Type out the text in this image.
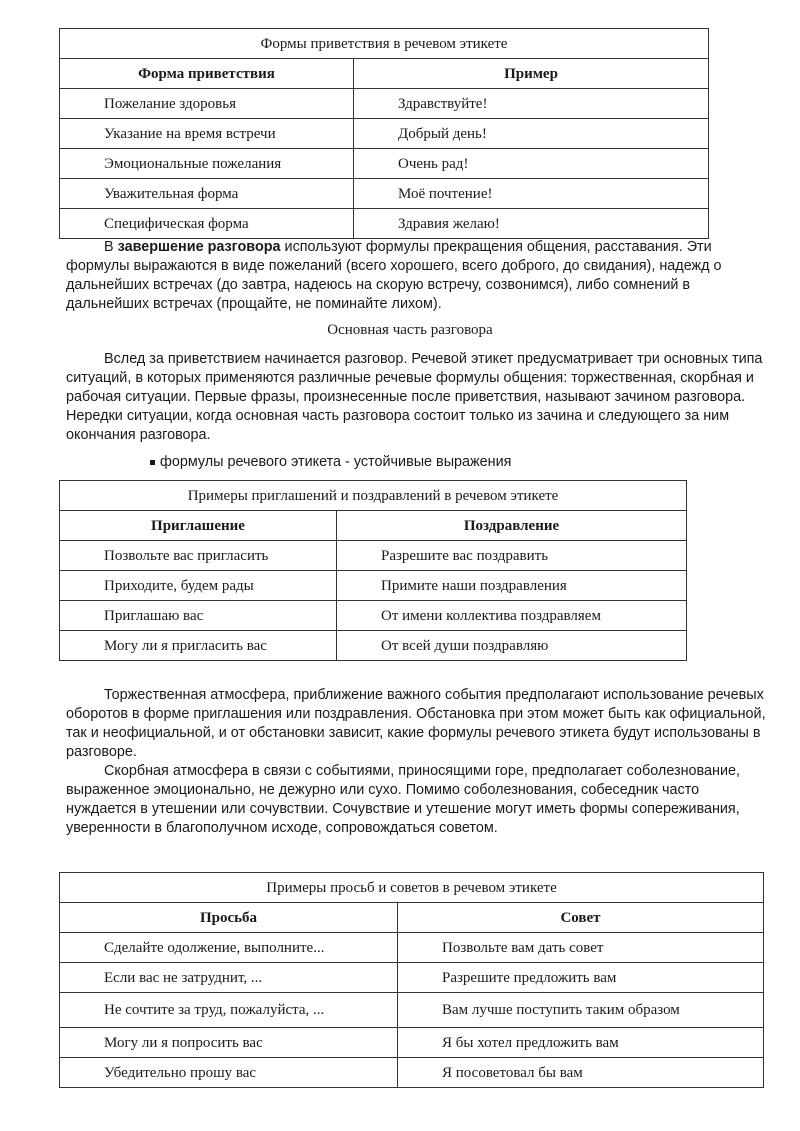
Формы приветствия в речевом этикете	
Форма приветствия	Пример
Пожелание здоровья	Здравствуйте!
Указание на время встречи	Добрый день!
Эмоциональные пожелания	Очень рад!
Уважительная форма	Моё почтение!
Специфическая форма	Здравия желаю!

В завершение разговора используют формулы прекращения общения, расставания. Эти формулы выражаются в виде пожеланий (всего хорошего, всего доброго, до свидания), надежд о дальнейших встречах (до завтра, надеюсь на скорую встречу, созвонимся), либо сомнений в дальнейших встречах (прощайте, не поминайте лихом).

Основная часть разговора

Вслед за приветствием начинается разговор. Речевой этикет предусматривает три основных типа ситуаций, в которых применяются различные речевые формулы общения: торжественная, скорбная и рабочая ситуации. Первые фразы, произнесенные после приветствия, называют зачином разговора. Нередки ситуации, когда основная часть разговора состоит только из зачина и следующего за ним окончания разговора.

формулы речевого этикета - устойчивые выражения
Примеры приглашений и поздравлений в речевом этикете	
Приглашение	Поздравление
Позвольте вас пригласить	Разрешите вас поздравить
Приходите, будем рады	Примите наши поздравления
Приглашаю вас	От имени коллектива поздравляем
Могу ли я пригласить вас	От всей души поздравляю

Торжественная атмосфера, приближение важного события предполагают использование речевых оборотов в форме приглашения или поздравления. Обстановка при этом может быть как официальной, так и неофициальной, и от обстановки зависит, какие формулы речевого этикета будут использованы в разговоре.

Скорбная атмосфера в связи с событиями, приносящими горе, предполагает соболезнование, выраженное эмоционально, не дежурно или сухо. Помимо соболезнования, собеседник часто нуждается в утешении или сочувствии. Сочувствие и утешение могут иметь формы сопереживания, уверенности в благополучном исходе, сопровождаться советом.

Примеры просьб и советов в речевом этикете	
Просьба	Совет
Сделайте одолжение, выполните...	Позвольте вам дать совет
Если вас не затруднит, ...	Разрешите предложить вам
Не сочтите за труд, пожалуйста, ...	Вам лучше поступить таким образом
Могу ли я попросить вас	Я бы хотел предложить вам
Убедительно прошу вас	Я посоветовал бы вам
